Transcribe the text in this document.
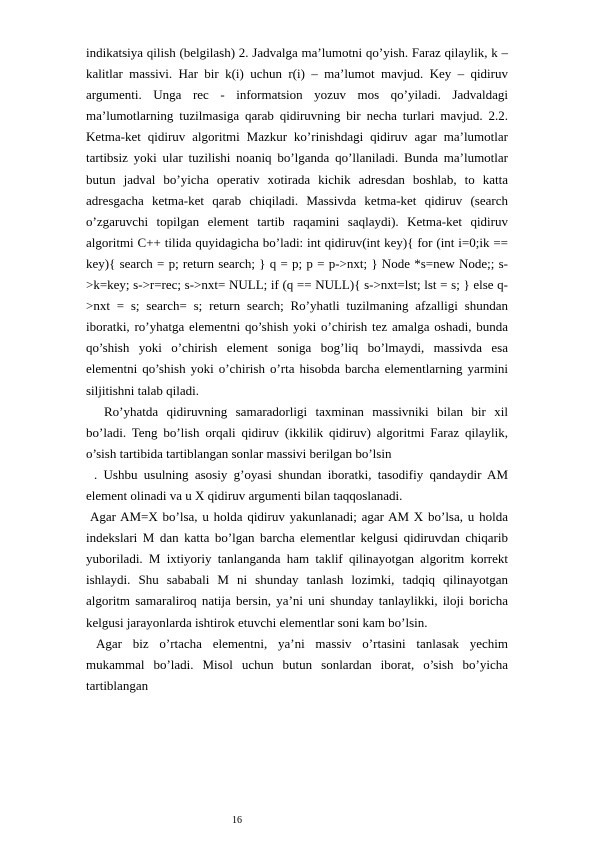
indikatsiya qilish (belgilash) 2. Jadvalga ma’lumotni qo’yish. Faraz qilaylik, k – kalitlar massivi. Har bir k(i) uchun r(i) – ma’lumot mavjud. Key – qidiruv argumenti. Unga rec - informatsion yozuv mos qo’yiladi. Jadvaldagi ma’lumotlarning tuzilmasiga qarab qidiruvning bir necha turlari mavjud. 2.2. Ketma-ket qidiruv algoritmi Mazkur ko’rinishdagi qidiruv agar ma’lumotlar tartibsiz yoki ular tuzilishi noaniq bo’lganda qo’llaniladi. Bunda ma’lumotlar butun jadval bo’yicha operativ xotirada kichik adresdan boshlab, to katta adresgacha ketma-ket qarab chiqiladi. Massivda ketma-ket qidiruv (search o’zgaruvchi topilgan element tartib raqamini saqlaydi). Ketma-ket qidiruv algoritmi C++ tilida quyidagicha bo’ladi: int qidiruv(int key){ for (int i=0;ik == key){ search = p; return search; } q = p; p = p->nxt; } Node *s=new Node;; s->k=key; s->r=rec; s->nxt= NULL; if (q == NULL){ s->nxt=lst; lst = s; } else q->nxt = s; search= s; return search; Ro’yhatli tuzilmaning afzalligi shundan iboratki, ro’yhatga elementni qo’shish yoki o’chirish tez amalga oshadi, bunda qo’shish yoki o’chirish element soniga bog’liq bo’lmaydi, massivda esa elementni qo’shish yoki o’chirish o’rta hisobda barcha elementlarning yarmini siljitishni talab qiladi.

Ro’yhatda qidiruvning samaradorligi taxminan massivniki bilan bir xil bo’ladi. Teng bo’lish orqali qidiruv (ikkilik qidiruv) algoritmi Faraz qilaylik, o’sish tartibida tartiblangan sonlar massivi berilgan bo’lsin

. Ushbu usulning asosiy g’oyasi shundan iboratki, tasodifiy qandaydir AM element olinadi va u X qidiruv argumenti bilan taqqoslanadi.

Agar AM=X bo’lsa, u holda qidiruv yakunlanadi; agar AM X bo’lsa, u holda indekslari M dan katta bo’lgan barcha elementlar kelgusi qidiruvdan chiqarib yuboriladi. M ixtiyoriy tanlanganda ham taklif qilinayotgan algoritm korrekt ishlaydi. Shu sababali M ni shunday tanlash lozimki, tadqiq qilinayotgan algoritm samaraliroq natija bersin, ya’ni uni shunday tanlaylikki, iloji boricha kelgusi jarayonlarda ishtirok etuvchi elementlar soni kam bo’lsin.

Agar biz o’rtacha elementni, ya’ni massiv o’rtasini tanlasak yechim mukammal bo’ladi. Misol uchun butun sonlardan iborat, o’sish bo’yicha tartiblangan

16
